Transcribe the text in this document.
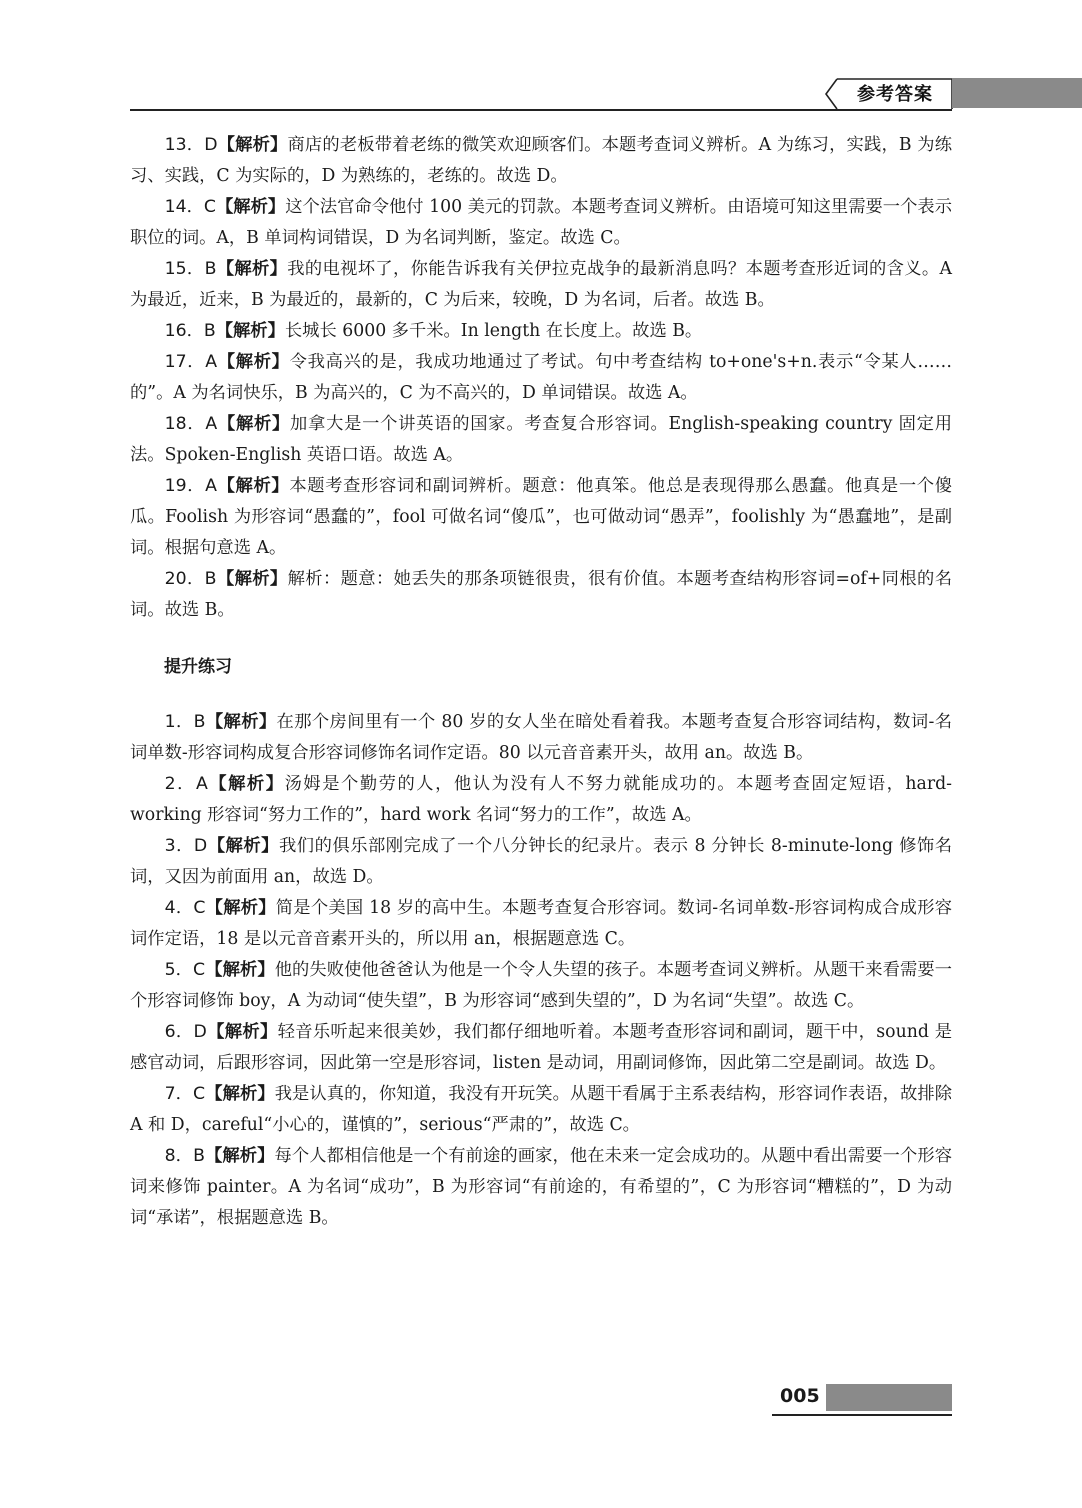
参考答案

13．D【解析】商店的老板带着老练的微笑欢迎顾客们。本题考查词义辨析。A 为练习，实践，B 为练习、实践，C 为实际的，D 为熟练的，老练的。故选 D。

14．C【解析】这个法官命令他付 100 美元的罚款。本题考查词义辨析。由语境可知这里需要一个表示职位的词。A，B 单词构词错误，D 为名词判断，鉴定。故选 C。

15．B【解析】我的电视坏了，你能告诉我有关伊拉克战争的最新消息吗？本题考查形近词的含义。A 为最近，近来，B 为最近的，最新的，C 为后来，较晚，D 为名词，后者。故选 B。

16．B【解析】长城长 6000 多千米。In length 在长度上。故选 B。

17．A【解析】令我高兴的是，我成功地通过了考试。句中考查结构 to+one's+n.表示“令某人……的”。A 为名词快乐，B 为高兴的，C 为不高兴的，D 单词错误。故选 A。

18．A【解析】加拿大是一个讲英语的国家。考查复合形容词。English-speaking country 固定用法。Spoken-English 英语口语。故选 A。

19．A【解析】本题考查形容词和副词辨析。题意：他真笨。他总是表现得那么愚蠢。他真是一个傻瓜。Foolish 为形容词“愚蠢的”，fool 可做名词“傻瓜”，也可做动词“愚弄”，foolishly 为“愚蠢地”，是副词。根据句意选 A。

20．B【解析】解析：题意：她丢失的那条项链很贵，很有价值。本题考查结构形容词=of+同根的名词。故选 B。

提升练习

1．B【解析】在那个房间里有一个 80 岁的女人坐在暗处看着我。本题考查复合形容词结构，数词-名词单数-形容词构成复合形容词修饰名词作定语。80 以元音音素开头，故用 an。故选 B。

2．A【解析】汤姆是个勤劳的人，他认为没有人不努力就能成功的。本题考查固定短语，hard-working 形容词“努力工作的”，hard work 名词“努力的工作”，故选 A。

3．D【解析】我们的俱乐部刚完成了一个八分钟长的纪录片。表示 8 分钟长 8-minute-long 修饰名词，又因为前面用 an，故选 D。

4．C【解析】简是个美国 18 岁的高中生。本题考查复合形容词。数词-名词单数-形容词构成合成形容词作定语，18 是以元音音素开头的，所以用 an，根据题意选 C。

5．C【解析】他的失败使他爸爸认为他是一个令人失望的孩子。本题考查词义辨析。从题干来看需要一个形容词修饰 boy，A 为动词“使失望”，B 为形容词“感到失望的”，D 为名词“失望”。故选 C。

6．D【解析】轻音乐听起来很美妙，我们都仔细地听着。本题考查形容词和副词，题干中，sound 是感官动词，后跟形容词，因此第一空是形容词，listen 是动词，用副词修饰，因此第二空是副词。故选 D。

7．C【解析】我是认真的，你知道，我没有开玩笑。从题干看属于主系表结构，形容词作表语，故排除 A 和 D，careful“小心的，谨慎的”，serious“严肃的”，故选 C。

8．B【解析】每个人都相信他是一个有前途的画家，他在未来一定会成功的。从题中看出需要一个形容词来修饰 painter。A 为名词“成功”，B 为形容词“有前途的，有希望的”，C 为形容词“糟糕的”，D 为动词“承诺”，根据题意选 B。

005
